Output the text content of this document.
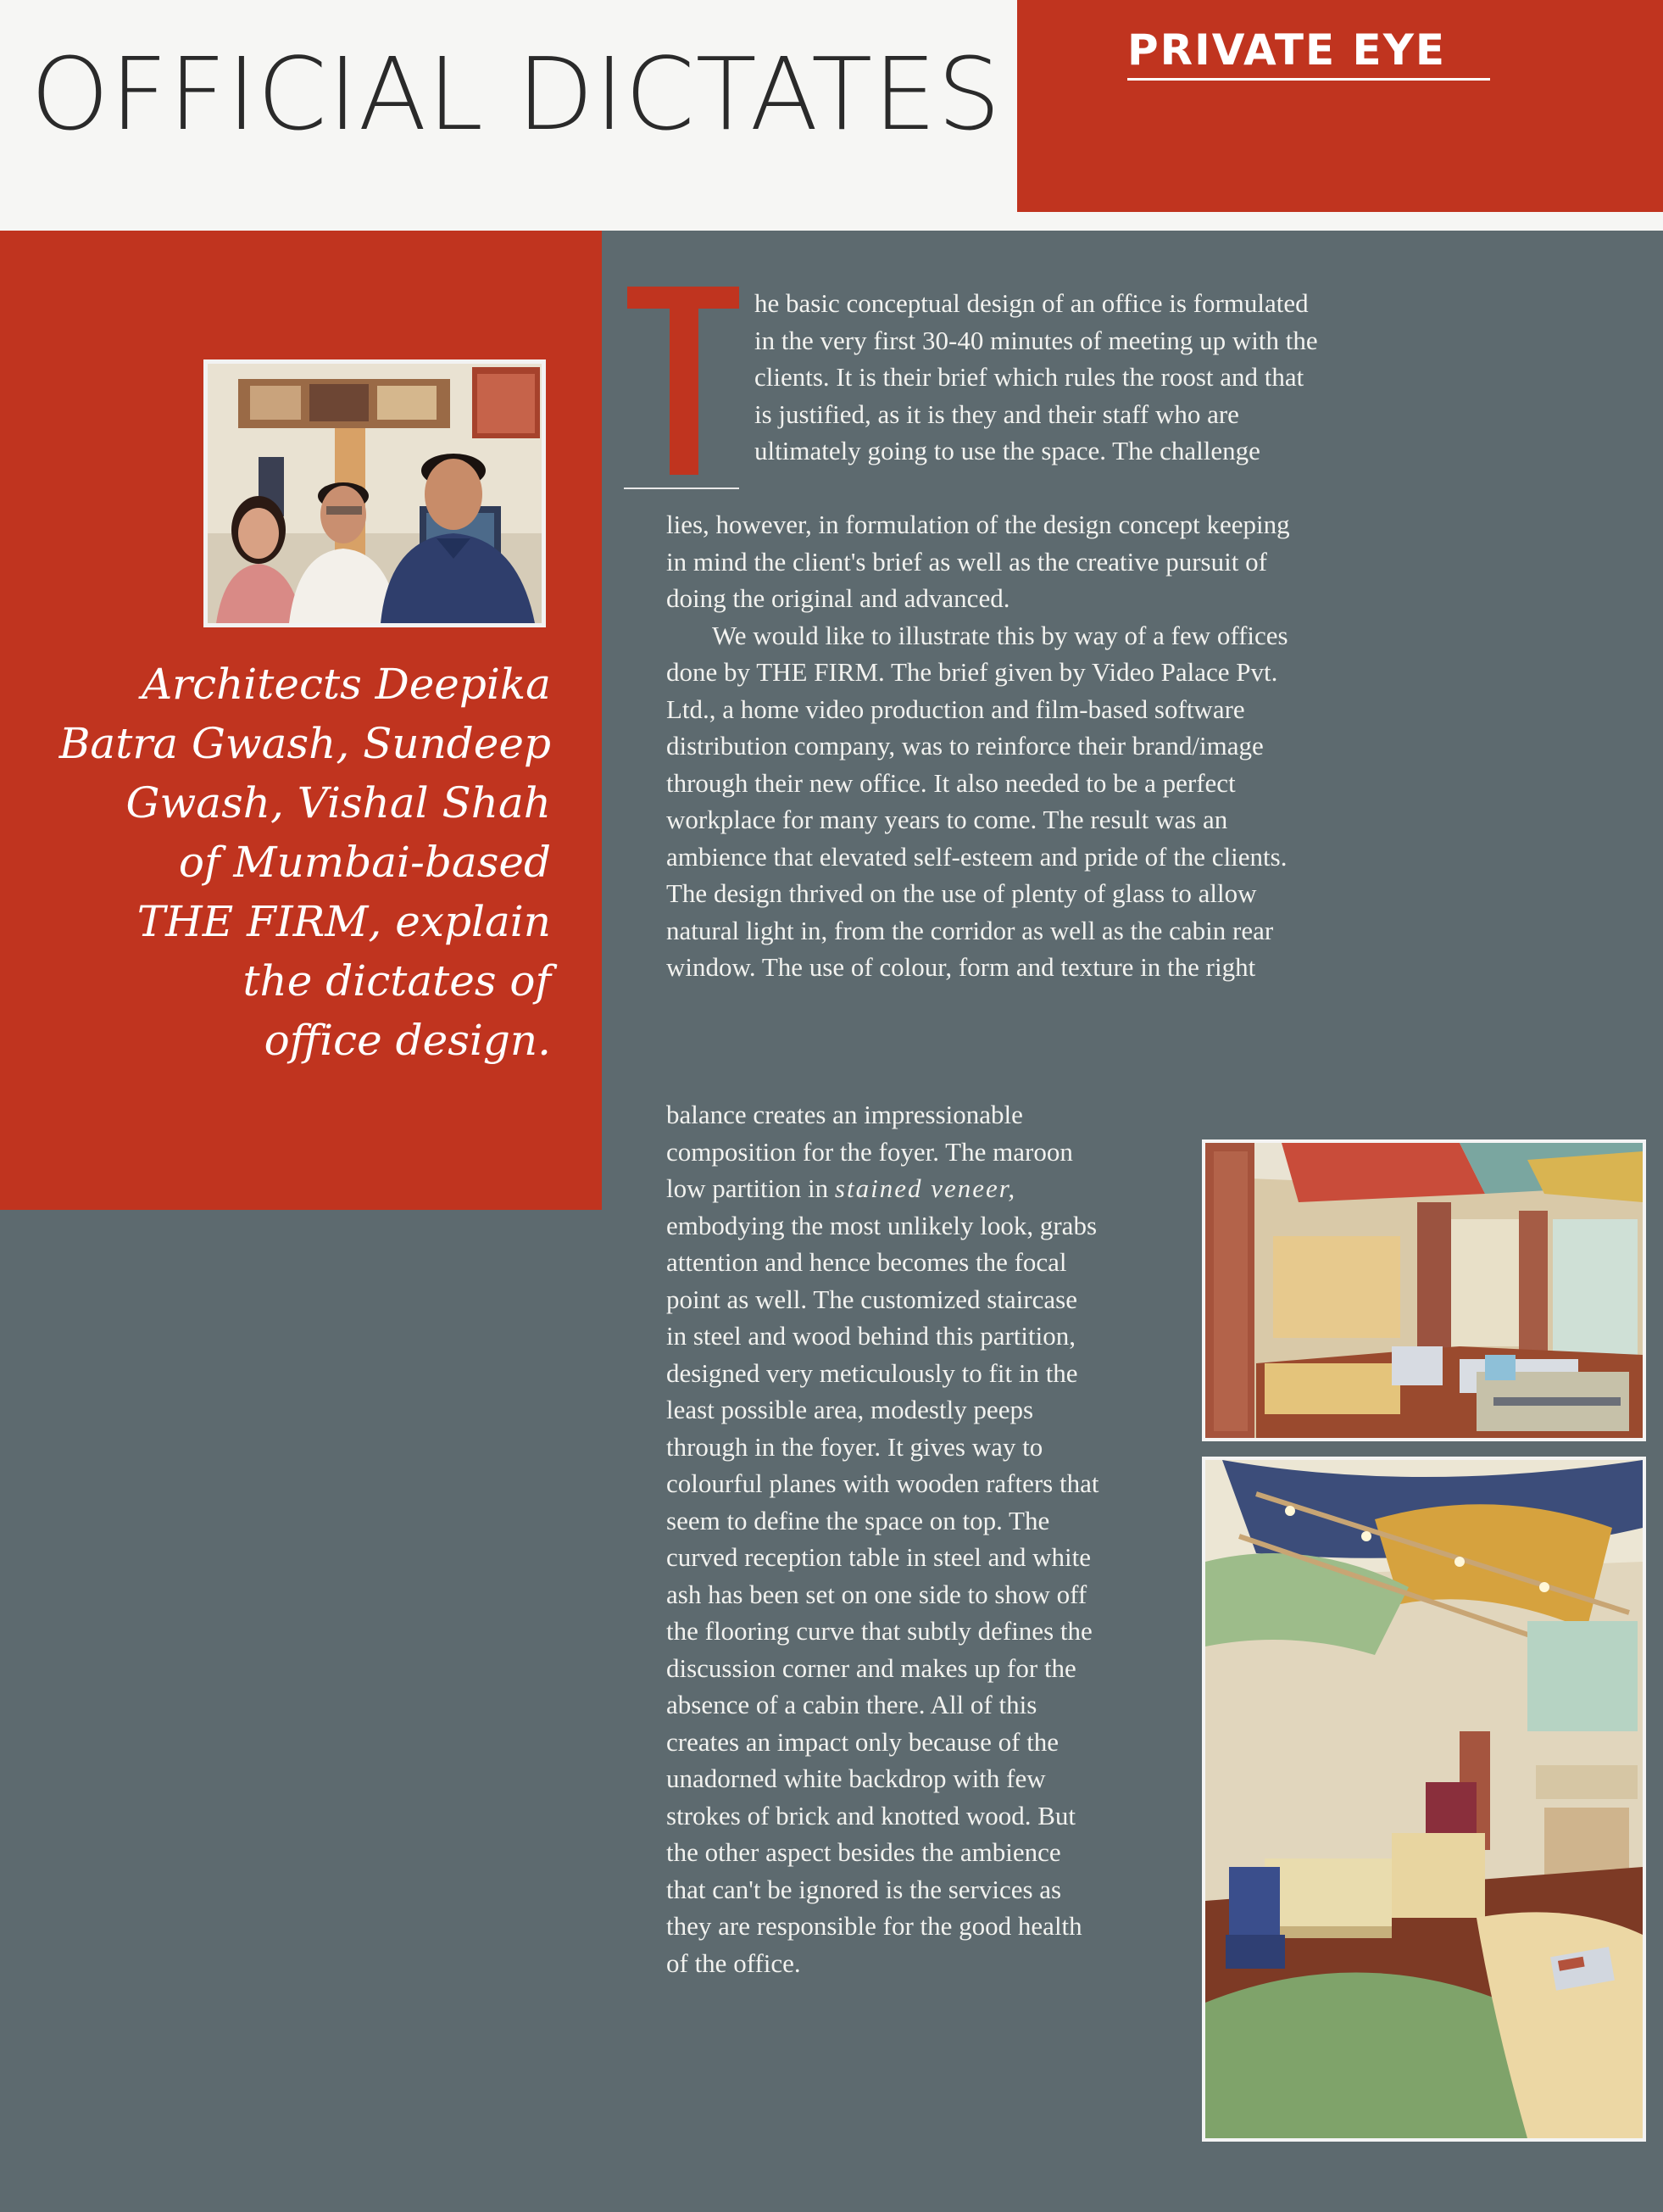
OFFICIAL DICTATES	PRIVATE EYE
Architects Deepika
Batra Gwash, Sundeep
Gwash, Vishal Shah
of Mumbai-based
THE FIRM, explain
the dictates of
office design.
he basic conceptual design of an office is formulated
in the very first 30-40 minutes of meeting up with the
clients. It is their brief which rules the roost and that
is justified, as it is they and their staff who are
ultimately going to use the space. The challenge
lies, however, in formulation of the design concept keeping
in mind the client's brief as well as the creative pursuit of
doing the original and advanced.
We would like to illustrate this by way of a few offices
done by THE FIRM. The brief given by Video Palace Pvt.
Ltd., a home video production and film-based software
distribution company, was to reinforce their brand/image
through their new office. It also needed to be a perfect
workplace for many years to come. The result was an
ambience that elevated self-esteem and pride of the clients.
The design thrived on the use of plenty of glass to allow
natural light in, from the corridor as well as the cabin rear
window. The use of colour, form and texture in the right
balance creates an impressionable
composition for the foyer. The maroon
low partition in stained veneer,
embodying the most unlikely look, grabs
attention and hence becomes the focal
point as well. The customized staircase
in steel and wood behind this partition,
designed very meticulously to fit in the
least possible area, modestly peeps
through in the foyer. It gives way to
colourful planes with wooden rafters that
seem to define the space on top. The
curved reception table in steel and white
ash has been set on one side to show off
the flooring curve that subtly defines the
discussion corner and makes up for the
absence of a cabin there. All of this
creates an impact only because of the
unadorned white backdrop with few
strokes of brick and knotted wood. But
the other aspect besides the ambience
that can't be ignored is the services as
they are responsible for the good health
of the office.
